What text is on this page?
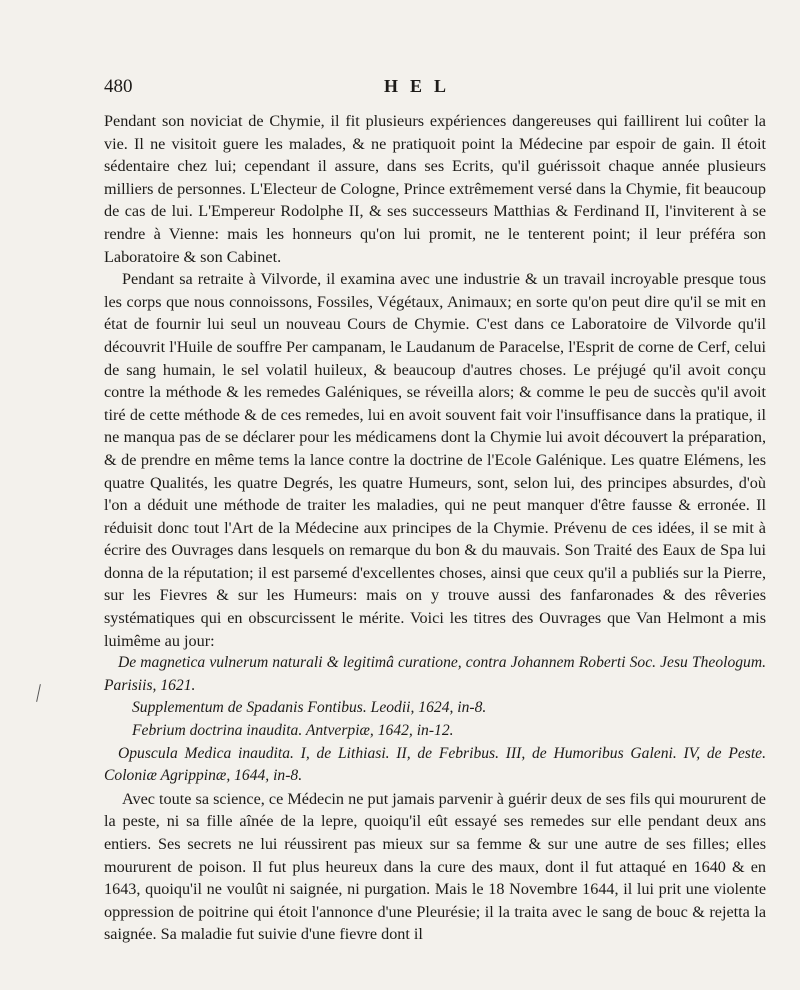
480	HEL

Pendant son noviciat de Chymie, il fit plusieurs expériences dangereuses qui faillirent lui coûter la vie. Il ne visitoit guere les malades, & ne pratiquoit point la Médecine par espoir de gain. Il étoit sédentaire chez lui; cependant il assure, dans ses Ecrits, qu'il guérissoit chaque année plusieurs milliers de personnes. L'Electeur de Cologne, Prince extrêmement versé dans la Chymie, fit beaucoup de cas de lui. L'Empereur Rodolphe II, & ses successeurs Matthias & Ferdinand II, l'inviterent à se rendre à Vienne: mais les honneurs qu'on lui promit, ne le tenterent point; il leur préféra son Laboratoire & son Cabinet.

Pendant sa retraite à Vilvorde, il examina avec une industrie & un travail incroyable presque tous les corps que nous connoissons, Fossiles, Végétaux, Animaux; en sorte qu'on peut dire qu'il se mit en état de fournir lui seul un nouveau Cours de Chymie. C'est dans ce Laboratoire de Vilvorde qu'il découvrit l'Huile de souffre Per campanam, le Laudanum de Paracelse, l'Esprit de corne de Cerf, celui de sang humain, le sel volatil huileux, & beaucoup d'autres choses. Le préjugé qu'il avoit conçu contre la méthode & les remedes Galéniques, se réveilla alors; & comme le peu de succès qu'il avoit tiré de cette méthode & de ces remedes, lui en avoit souvent fait voir l'insuffisance dans la pratique, il ne manqua pas de se déclarer pour les médicamens dont la Chymie lui avoit découvert la préparation, & de prendre en même tems la lance contre la doctrine de l'Ecole Galénique. Les quatre Elémens, les quatre Qualités, les quatre Degrés, les quatre Humeurs, sont, selon lui, des principes absurdes, d'où l'on a déduit une méthode de traiter les maladies, qui ne peut manquer d'être fausse & erronée. Il réduisit donc tout l'Art de la Médecine aux principes de la Chymie. Prévenu de ces idées, il se mit à écrire des Ouvrages dans lesquels on remarque du bon & du mauvais. Son Traité des Eaux de Spa lui donna de la réputation; il est parsemé d'excellentes choses, ainsi que ceux qu'il a publiés sur la Pierre, sur les Fievres & sur les Humeurs: mais on y trouve aussi des fanfaronades & des rêveries systématiques qui en obscurcissent le mérite. Voici les titres des Ouvrages que Van Helmont a mis luimême au jour:

De magnetica vulnerum naturali & legitimâ curatione, contra Johannem Roberti Soc. Jesu Theologum. Parisiis, 1621.

Supplementum de Spadanis Fontibus. Leodii, 1624, in-8.

Febrium doctrina inaudita. Antverpiæ, 1642, in-12.

Opuscula Medica inaudita. I, de Lithiasi. II, de Febribus. III, de Humoribus Galeni. IV, de Peste. Coloniæ Agrippinæ, 1644, in-8.

Avec toute sa science, ce Médecin ne put jamais parvenir à guérir deux de ses fils qui moururent de la peste, ni sa fille aînée de la lepre, quoiqu'il eût essayé ses remedes sur elle pendant deux ans entiers. Ses secrets ne lui réussirent pas mieux sur sa femme & sur une autre de ses filles; elles moururent de poison. Il fut plus heureux dans la cure des maux, dont il fut attaqué en 1640 & en 1643, quoiqu'il ne voulût ni saignée, ni purgation. Mais le 18 Novembre 1644, il lui prit une violente oppression de poitrine qui étoit l'annonce d'une Pleurésie; il la traita avec le sang de bouc & rejetta la saignée. Sa maladie fut suivie d'une fievre dont il
